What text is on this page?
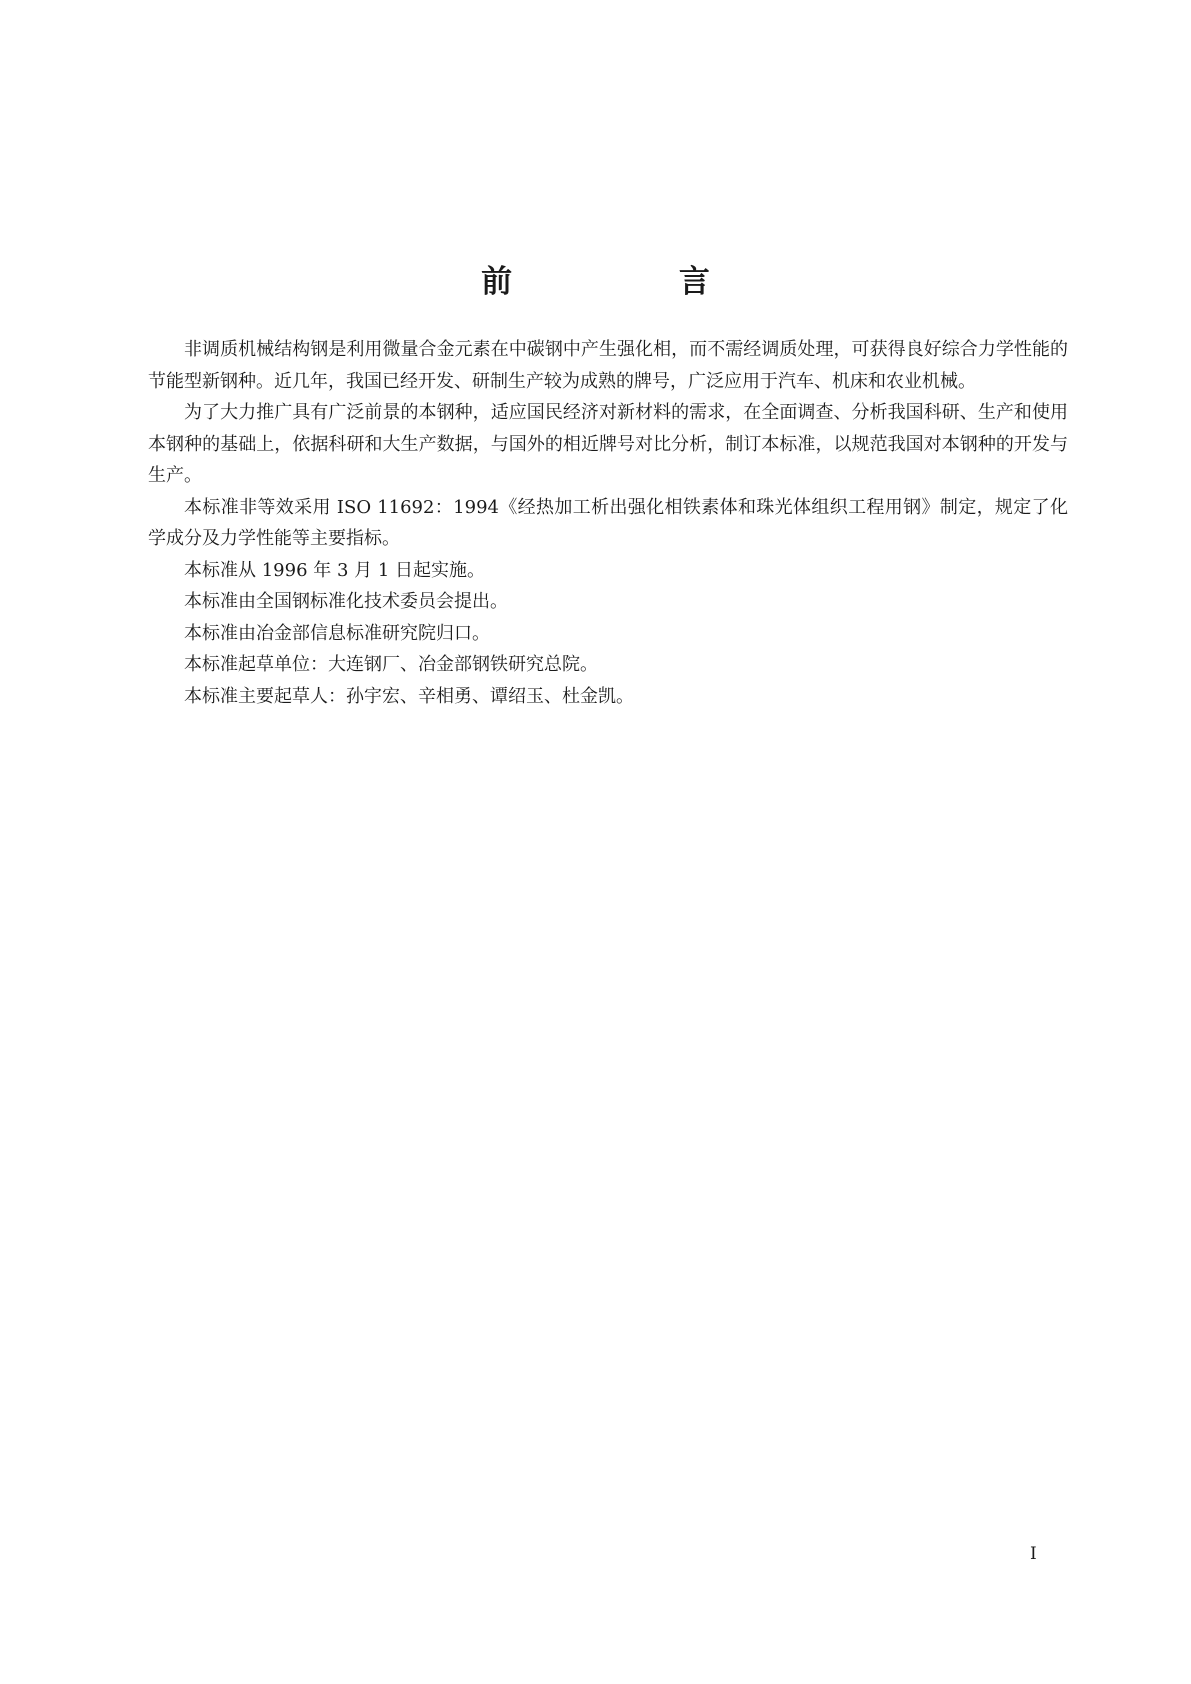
前 言

非调质机械结构钢是利用微量合金元素在中碳钢中产生强化相，而不需经调质处理，可获得良好综合力学性能的节能型新钢种。近几年，我国已经开发、研制生产较为成熟的牌号，广泛应用于汽车、机床和农业机械。

为了大力推广具有广泛前景的本钢种，适应国民经济对新材料的需求，在全面调查、分析我国科研、生产和使用本钢种的基础上，依据科研和大生产数据，与国外的相近牌号对比分析，制订本标准，以规范我国对本钢种的开发与生产。

本标准非等效采用 ISO 11692：1994《经热加工析出强化相铁素体和珠光体组织工程用钢》制定，规定了化学成分及力学性能等主要指标。

本标准从 1996 年 3 月 1 日起实施。

本标准由全国钢标准化技术委员会提出。

本标准由冶金部信息标准研究院归口。

本标准起草单位：大连钢厂、冶金部钢铁研究总院。

本标准主要起草人：孙宇宏、辛相勇、谭绍玉、杜金凯。

I
